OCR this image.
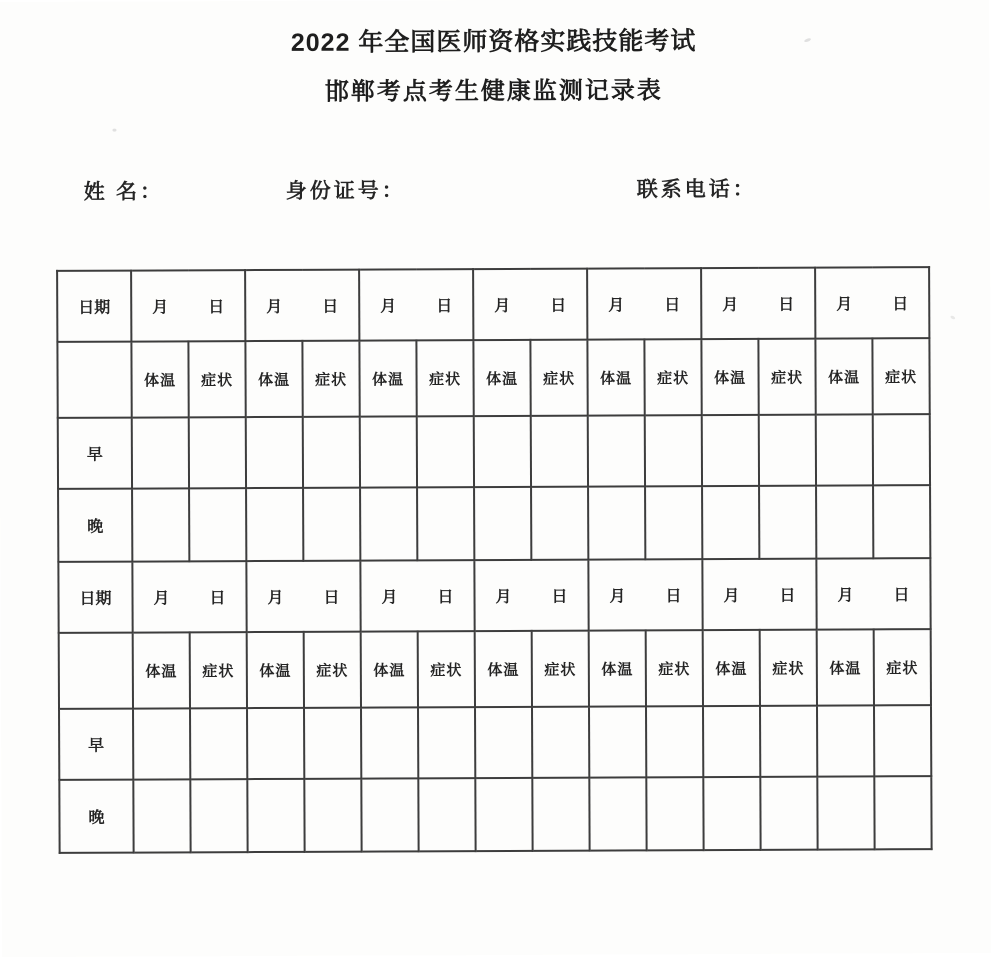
2022 年全国医师资格实践技能考试
邯郸考点考生健康监测记录表
姓 名：	身份证号：	联系电话：
日期	月 日		月 日		月 日		月 日		月 日		月 日		月 日	

	体温	症状	体温	症状	体温	症状	体温	症状	体温	症状	体温	症状	体温	症状
早														
晚														
日期	月 日		月 日		月 日		月 日		月 日		月 日		月 日	

	体温	症状	体温	症状	体温	症状	体温	症状	体温	症状	体温	症状	体温	症状
早														
晚														
